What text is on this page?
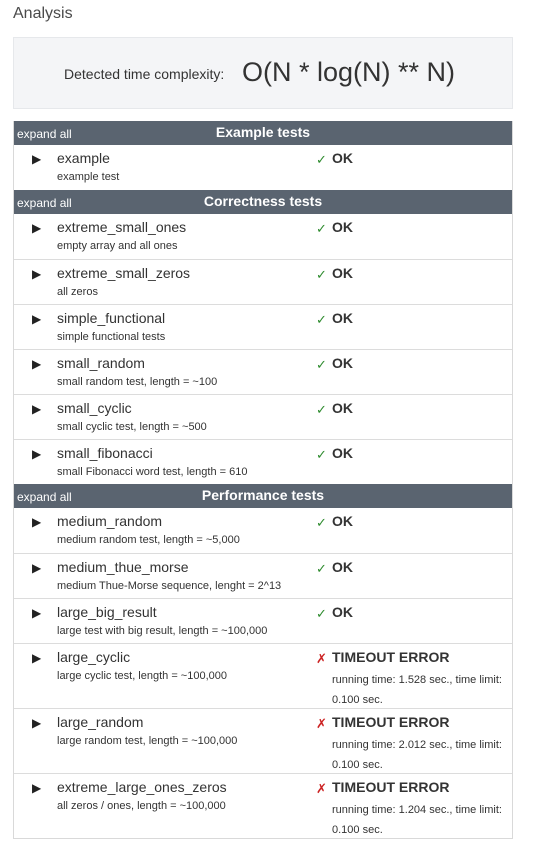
Analysis
Detected time complexity: O(N * log(N) ** N)
expand all	Example tests
▶ example
example test
✓ OK
expand all	Correctness tests
▶ extreme_small_ones
empty array and all ones
✓ OK
▶ extreme_small_zeros
all zeros
✓ OK
▶ simple_functional
simple functional tests
✓ OK
▶ small_random
small random test, length = ~100
✓ OK
▶ small_cyclic
small cyclic test, length = ~500
✓ OK
▶ small_fibonacci
small Fibonacci word test, length = 610
✓ OK
expand all	Performance tests
▶ medium_random
medium random test, length = ~5,000
✓ OK
▶ medium_thue_morse
medium Thue-Morse sequence, lenght = 2^13
✓ OK
▶ large_big_result
large test with big result, length = ~100,000
✓ OK
▶ large_cyclic
large cyclic test, length = ~100,000
✗ TIMEOUT ERROR
running time: 1.528 sec., time limit: 0.100 sec.
▶ large_random
large random test, length = ~100,000
✗ TIMEOUT ERROR
running time: 2.012 sec., time limit: 0.100 sec.
▶ extreme_large_ones_zeros
all zeros / ones, length = ~100,000
✗ TIMEOUT ERROR
running time: 1.204 sec., time limit: 0.100 sec.
